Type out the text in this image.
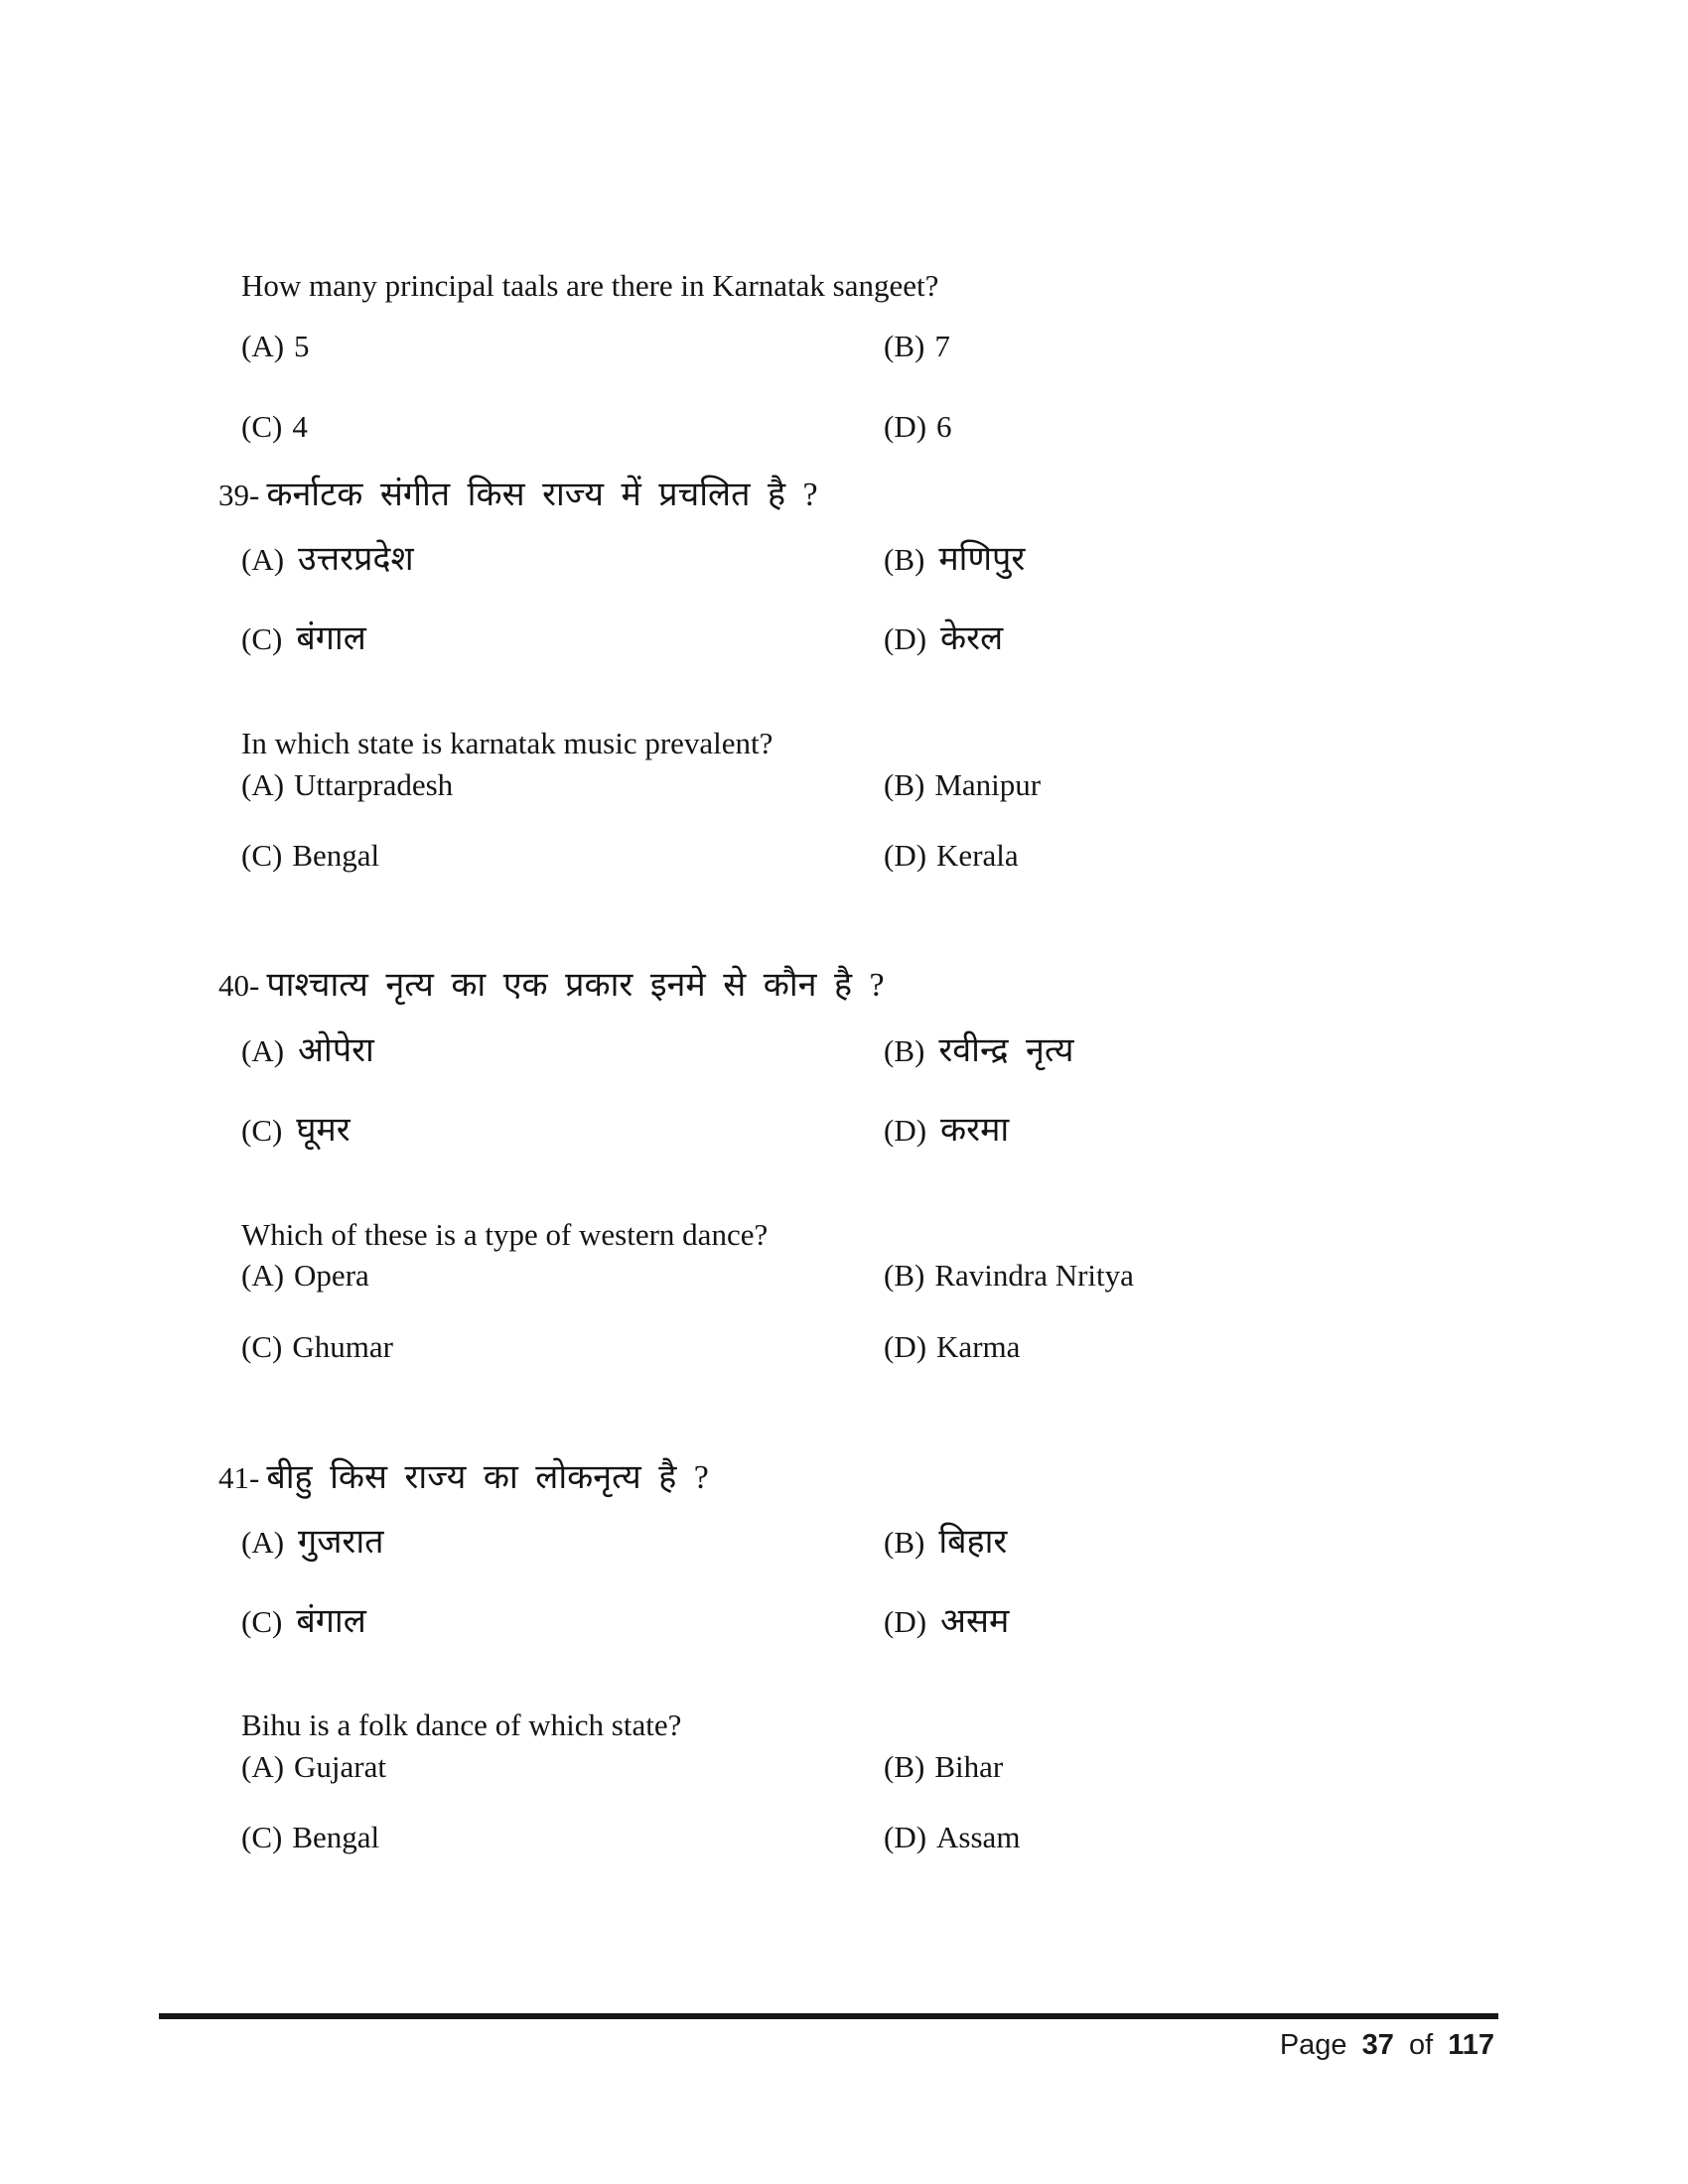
How many principal taals are there in Karnatak sangeet?

(A) 5	(B) 7
(C) 4	(D) 6

39- कर्नाटक संगीत किस राज्य में प्रचलित है ?

(A) उत्तरप्रदेश	(B) मणिपुर
(C) बंगाल	(D) केरल

In which state is karnatak music prevalent?

(A) Uttarpradesh	(B) Manipur
(C) Bengal	(D) Kerala

40- पाश्चात्य नृत्य का एक प्रकार इनमे से कौन है ?

(A) ओपेरा	(B) रवीन्द्र नृत्य
(C) घूमर	(D) करमा

Which of these is a type of western dance?

(A) Opera	(B) Ravindra Nritya
(C) Ghumar	(D) Karma

41- बीहु किस राज्य का लोकनृत्य है ?

(A) गुजरात	(B) बिहार
(C) बंगाल	(D) असम

Bihu is a folk dance of which state?

(A) Gujarat	(B) Bihar
(C) Bengal	(D) Assam
Page 37 of 117
